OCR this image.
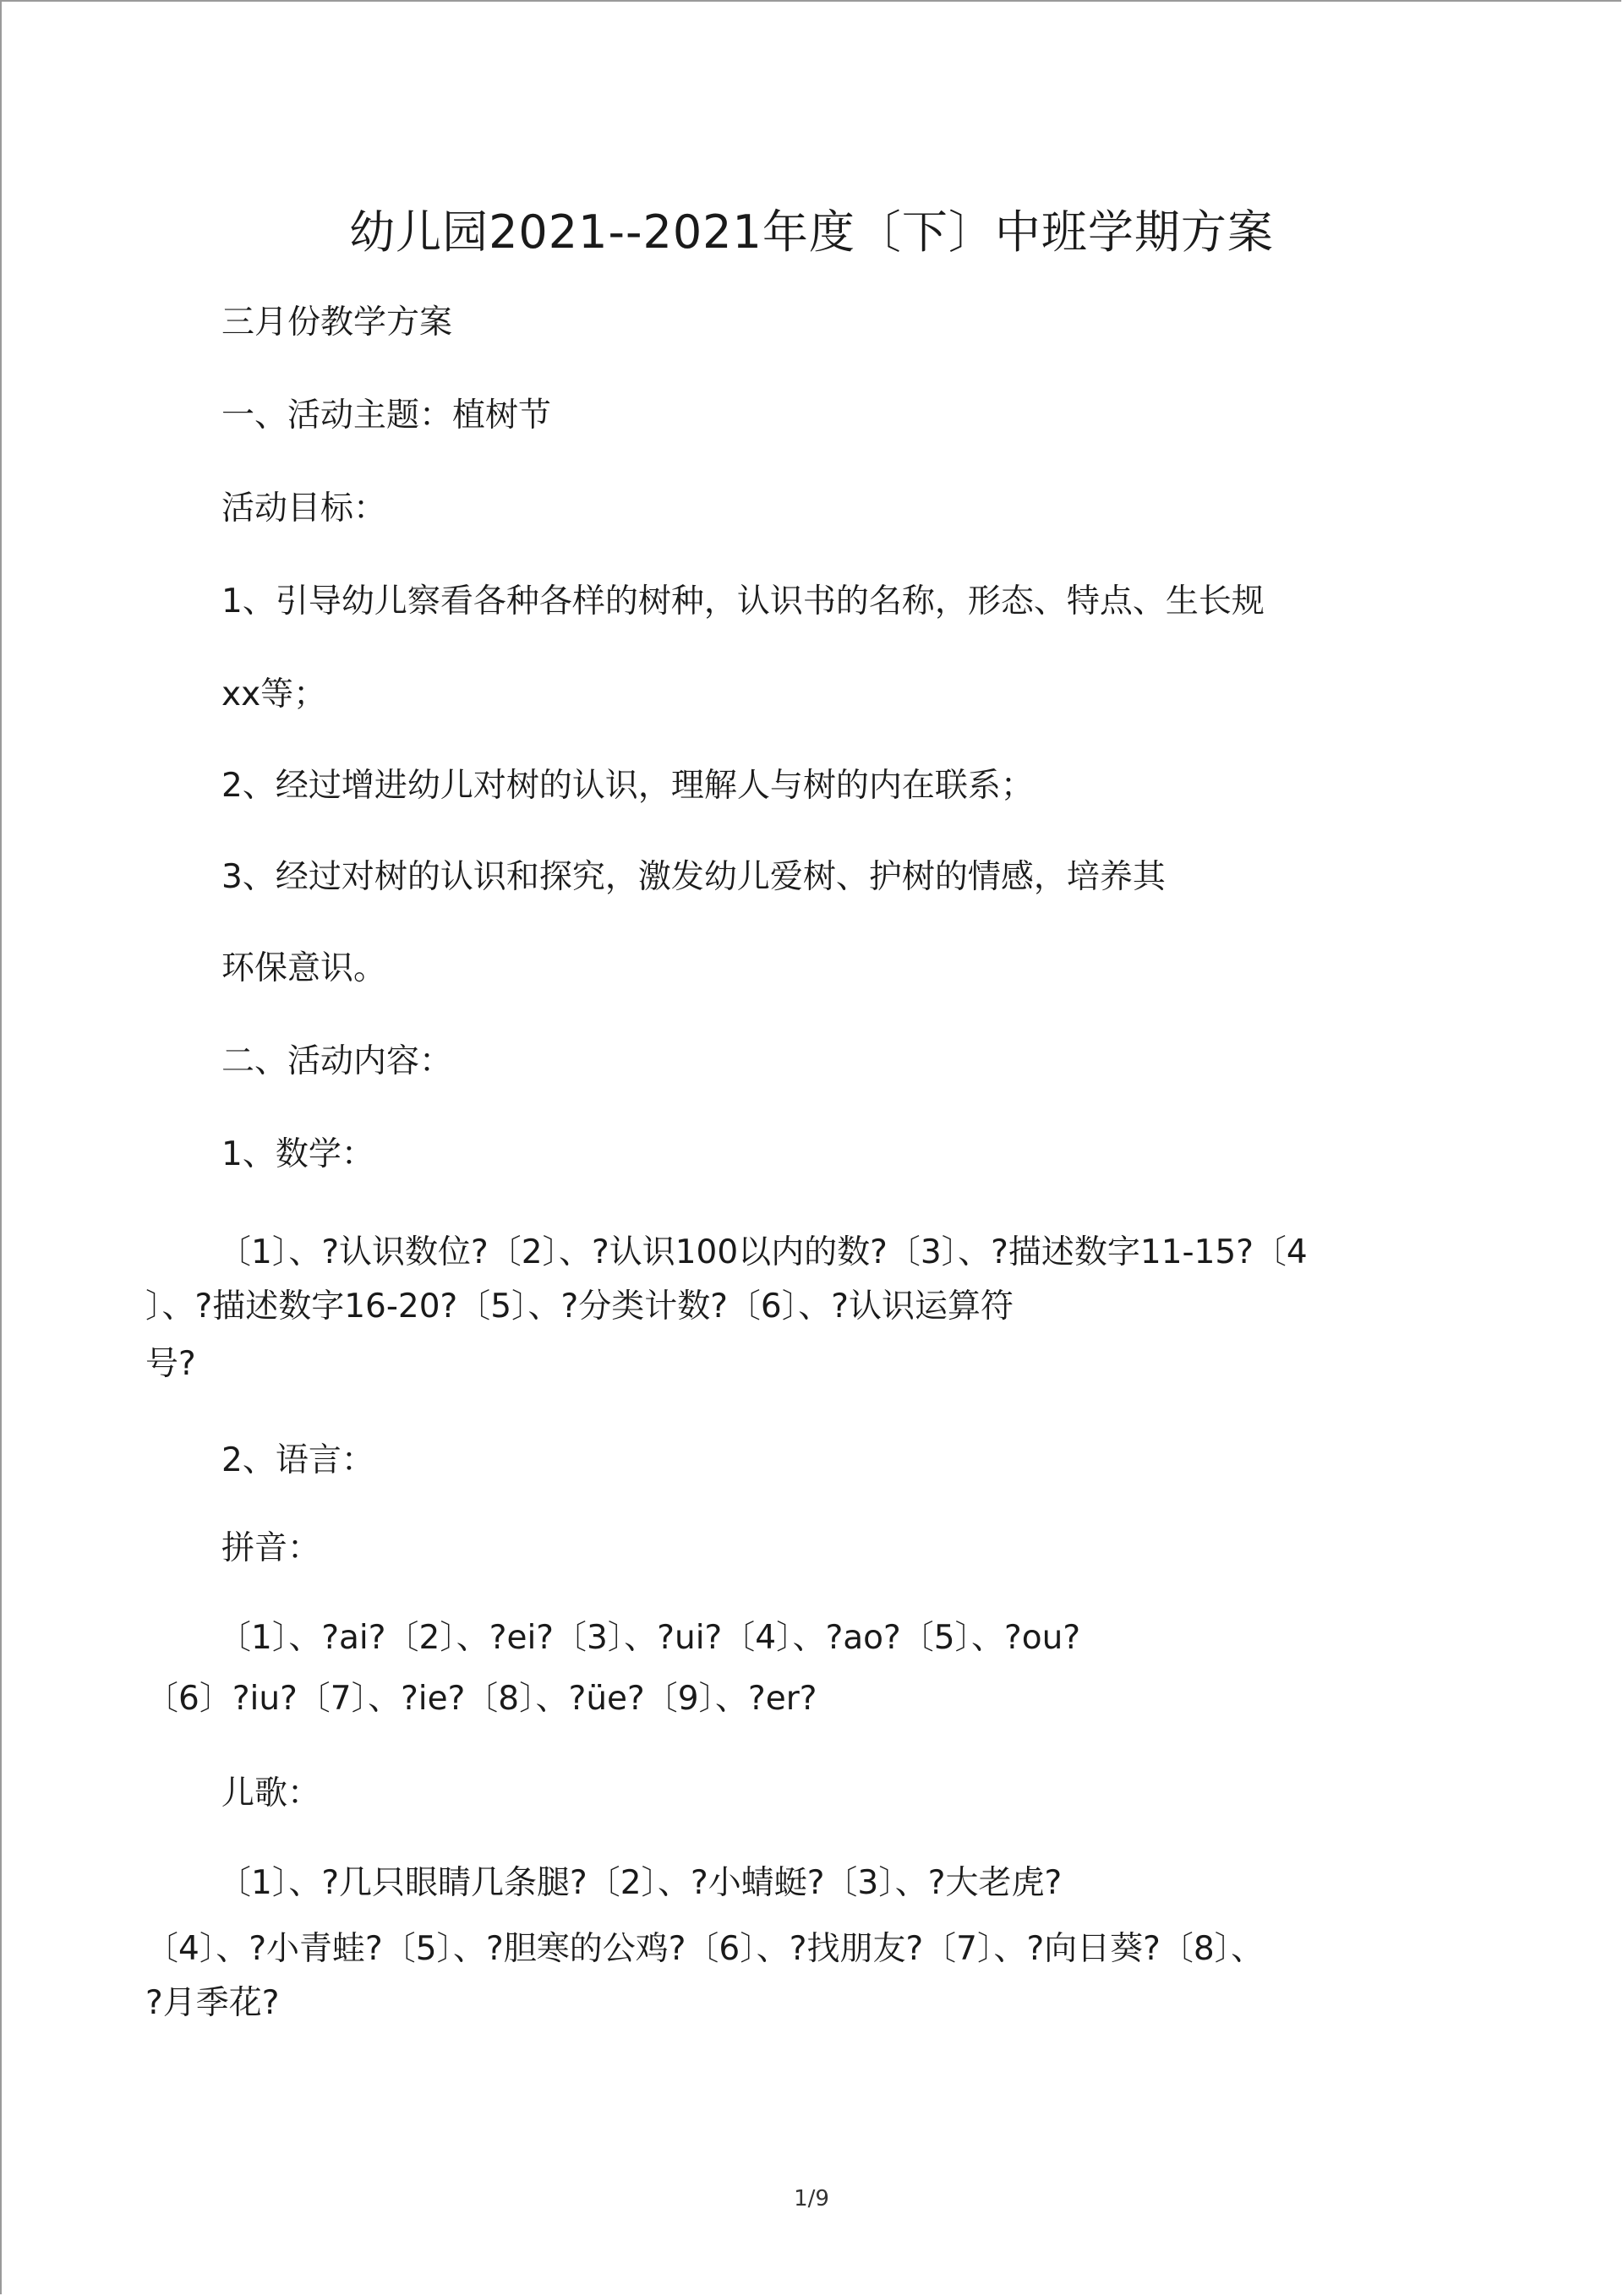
幼儿园2021--2021年度〔下〕中班学期方案
三月份教学方案
一、活动主题：植树节
活动目标：
1、引导幼儿察看各种各样的树种，认识书的名称，形态、特点、生长规
xx等；
2、经过增进幼儿对树的认识，理解人与树的内在联系；
3、经过对树的认识和探究，激发幼儿爱树、护树的情感，培养其
环保意识。
二、活动内容：
1、数学：
〔1〕、?认识数位?〔2〕、?认识100以内的数?〔3〕、?描述数字11-15?〔4
〕、?描述数字16-20?〔5〕、?分类计数?〔6〕、?认识运算符
号?
2、语言：
拼音：
〔1〕、?ai?〔2〕、?ei?〔3〕、?ui?〔4〕、?ao?〔5〕、?ou?
〔6〕?iu?〔7〕、?ie?〔8〕、?üe?〔9〕、?er?
儿歌：
〔1〕、?几只眼睛几条腿?〔2〕、?小蜻蜓?〔3〕、?大老虎?
〔4〕、?小青蛙?〔5〕、?胆寒的公鸡?〔6〕、?找朋友?〔7〕、?向日葵?〔8〕、
?月季花?
1/9
